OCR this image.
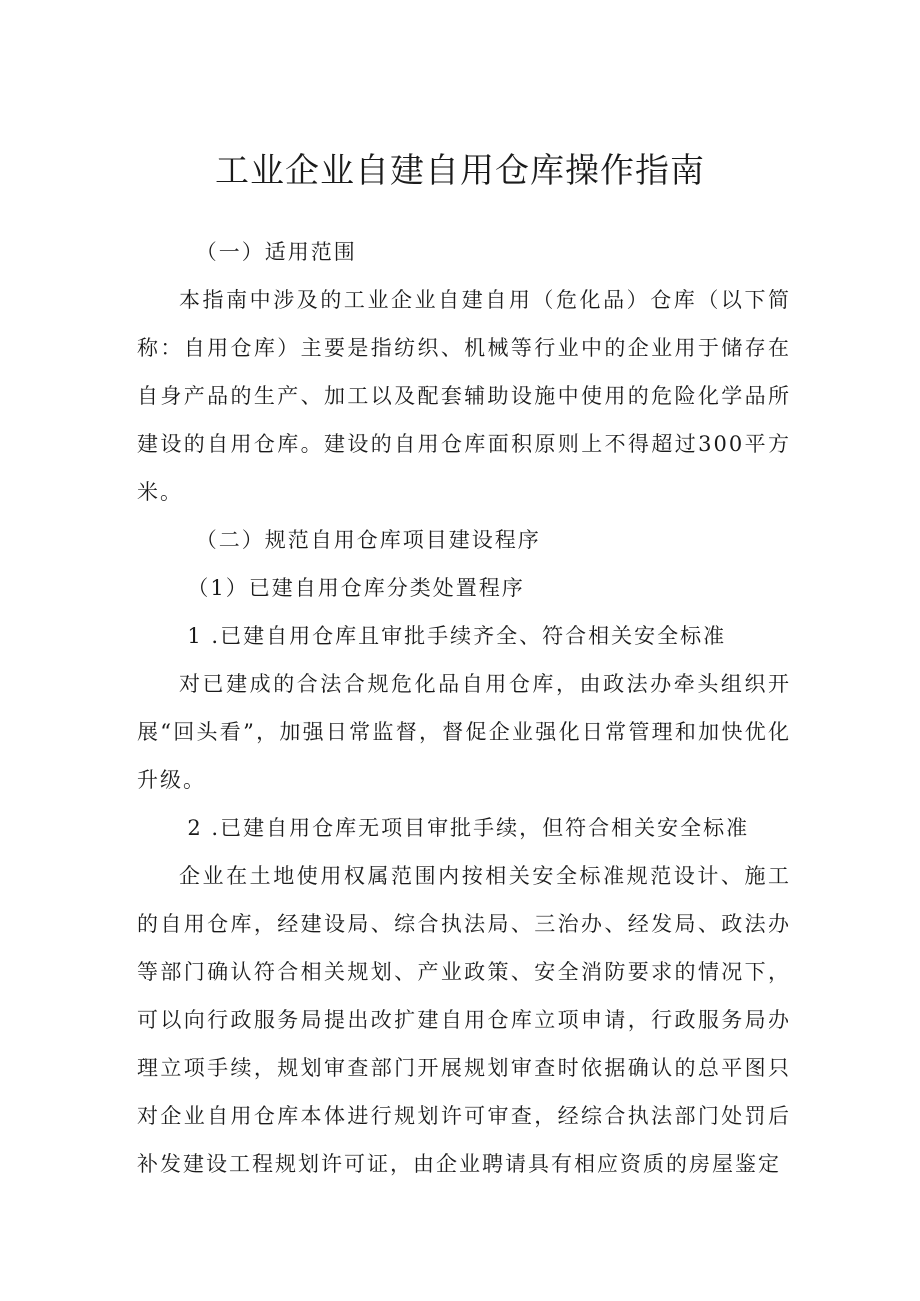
工业企业自建自用仓库操作指南

（一）适用范围

本指南中涉及的工业企业自建自用（危化品）仓库（以下简称：自用仓库）主要是指纺织、机械等行业中的企业用于储存在自身产品的生产、加工以及配套辅助设施中使用的危险化学品所建设的自用仓库。建设的自用仓库面积原则上不得超过300平方米。

（二）规范自用仓库项目建设程序

（1）已建自用仓库分类处置程序

1 .已建自用仓库且审批手续齐全、符合相关安全标准

对已建成的合法合规危化品自用仓库，由政法办牵头组织开展“回头看”，加强日常监督，督促企业强化日常管理和加快优化升级。

2 .已建自用仓库无项目审批手续，但符合相关安全标准

企业在土地使用权属范围内按相关安全标准规范设计、施工的自用仓库，经建设局、综合执法局、三治办、经发局、政法办等部门确认符合相关规划、产业政策、安全消防要求的情况下，可以向行政服务局提出改扩建自用仓库立项申请，行政服务局办理立项手续，规划审查部门开展规划审查时依据确认的总平图只对企业自用仓库本体进行规划许可审查，经综合执法部门处罚后补发建设工程规划许可证，由企业聘请具有相应资质的房屋鉴定
